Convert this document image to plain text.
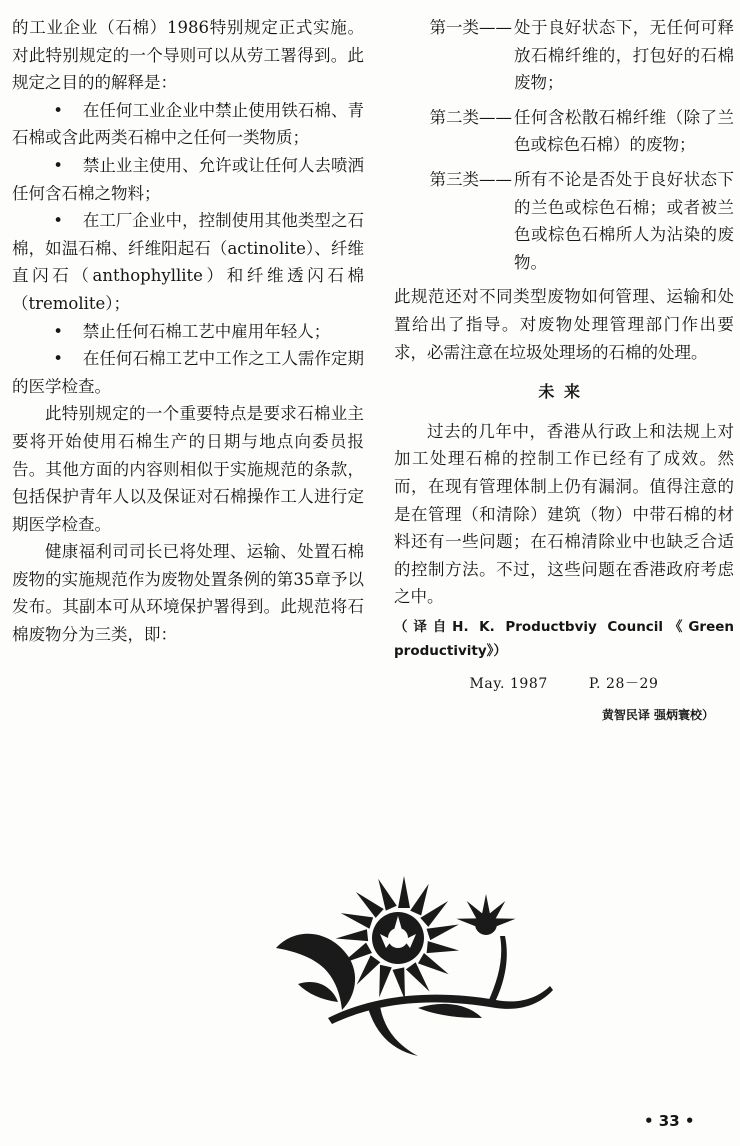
的工业企业（石棉）1986特别规定正式实施。对此特别规定的一个导则可以从劳工署得到。此规定之目的的解释是：

• 在任何工业企业中禁止使用铁石棉、青石棉或含此两类石棉中之任何一类物质；

• 禁止业主使用、允许或让任何人去喷洒任何含石棉之物料；

• 在工厂企业中，控制使用其他类型之石棉，如温石棉、纤维阳起石（actinolite）、纤维直闪石（anthophyllite）和纤维透闪石棉（tremolite）；

• 禁止任何石棉工艺中雇用年轻人；

• 在任何石棉工艺中工作之工人需作定期的医学检查。

此特别规定的一个重要特点是要求石棉业主要将开始使用石棉生产的日期与地点向委员报告。其他方面的内容则相似于实施规范的条款，包括保护青年人以及保证对石棉操作工人进行定期医学检查。

健康福利司司长已将处理、运输、处置石棉废物的实施规范作为废物处置条例的第35章予以发布。其副本可从环境保护署得到。此规范将石棉废物分为三类，即：

第一类—— 处于良好状态下，无任何可释放石棉纤维的，打包好的石棉废物；
第二类—— 任何含松散石棉纤维（除了兰色或棕色石棉）的废物；
第三类—— 所有不论是否处于良好状态下的兰色或棕色石棉；或者被兰色或棕色石棉所人为沾染的废物。

此规范还对不同类型废物如何管理、运输和处置给出了指导。对废物处理管理部门作出要求，必需注意在垃圾处理场的石棉的处理。

未来

过去的几年中，香港从行政上和法规上对加工处理石棉的控制工作已经有了成效。然而，在现有管理体制上仍有漏洞。值得注意的是在管理（和清除）建筑（物）中带石棉的材料还有一些问题；在石棉清除业中也缺乏合适的控制方法。不过，这些问题在香港政府考虑之中。

（译自H. K. Productbviy Council《Green productivity》）

May. 1987	P. 28－29
黄智民译 强炳寰校）
• 33 •
